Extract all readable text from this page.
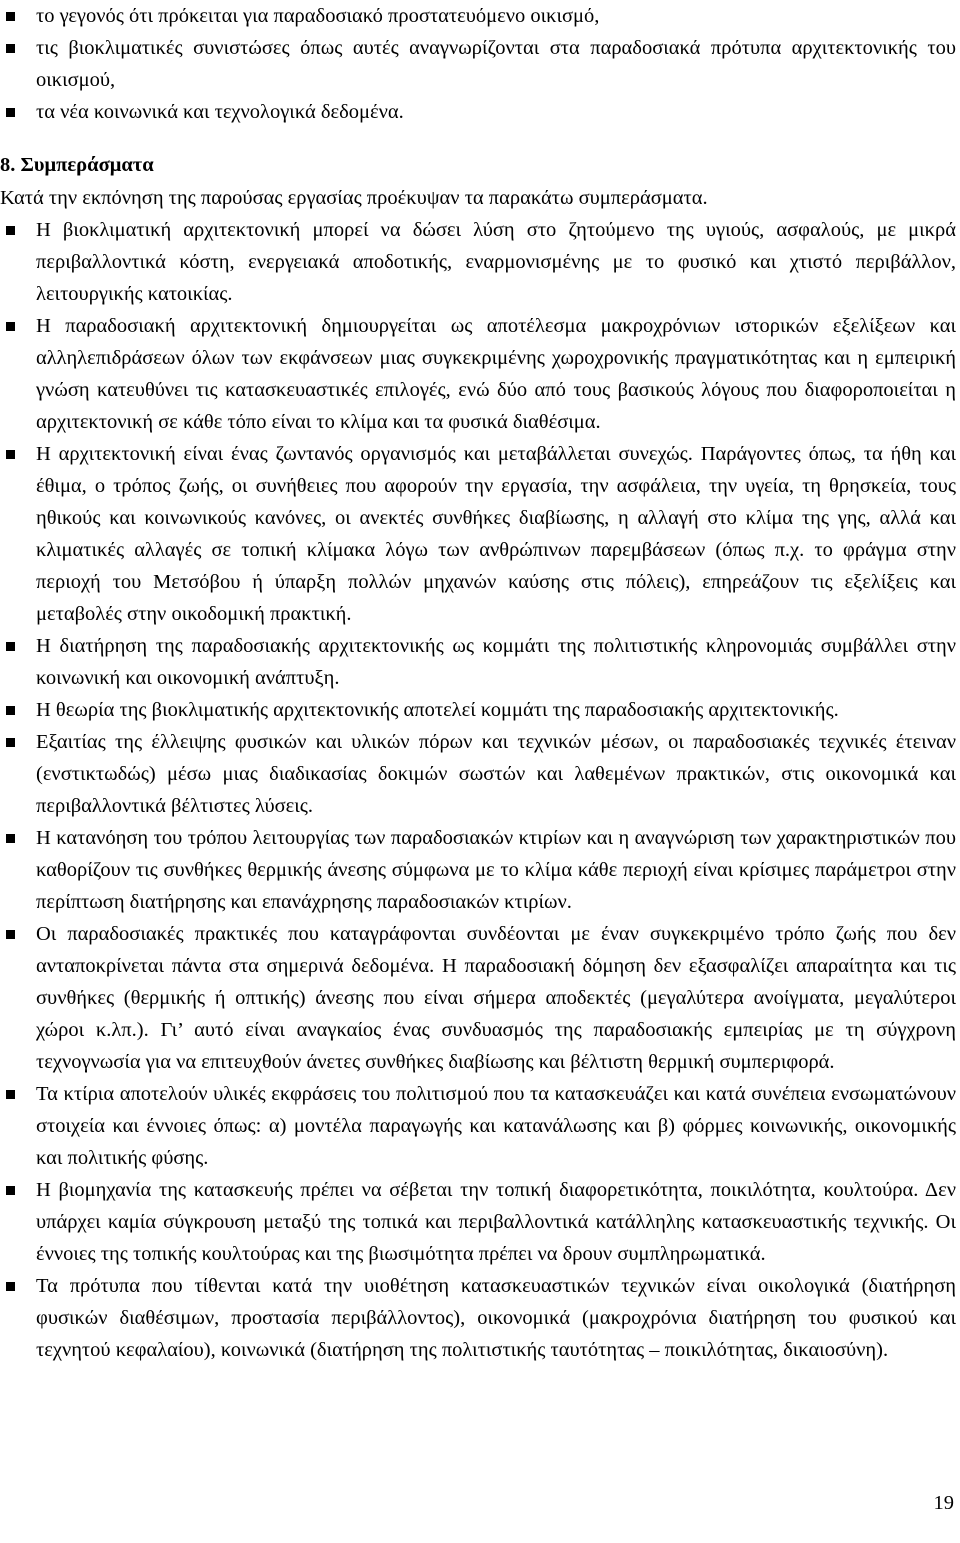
το γεγονός ότι πρόκειται για παραδοσιακό προστατευόμενο οικισμό,
τις βιοκλιματικές συνιστώσες όπως αυτές αναγνωρίζονται στα παραδοσιακά πρότυπα αρχιτεκτονικής του οικισμού,
τα νέα κοινωνικά και τεχνολογικά δεδομένα.
8. Συμπεράσματα
Κατά την εκπόνηση της παρούσας εργασίας προέκυψαν τα παρακάτω συμπεράσματα.
Η βιοκλιματική αρχιτεκτονική μπορεί να δώσει λύση στο ζητούμενο της υγιούς, ασφαλούς, με μικρά περιβαλλοντικά κόστη, ενεργειακά αποδοτικής, εναρμονισμένης με το φυσικό και χτιστό περιβάλλον, λειτουργικής κατοικίας.
Η παραδοσιακή αρχιτεκτονική δημιουργείται ως αποτέλεσμα μακροχρόνιων ιστορικών εξελίξεων και αλληλεπιδράσεων όλων των εκφάνσεων μιας συγκεκριμένης χωροχρονικής πραγματικότητας και η εμπειρική γνώση κατευθύνει τις κατασκευαστικές επιλογές, ενώ δύο από τους βασικούς λόγους που διαφοροποιείται η αρχιτεκτονική σε κάθε τόπο είναι το κλίμα και τα φυσικά διαθέσιμα.
Η αρχιτεκτονική είναι ένας ζωντανός οργανισμός και μεταβάλλεται συνεχώς. Παράγοντες όπως, τα ήθη και έθιμα, ο τρόπος ζωής, οι συνήθειες που αφορούν την εργασία, την ασφάλεια, την υγεία, τη θρησκεία, τους ηθικούς και κοινωνικούς κανόνες, οι ανεκτές συνθήκες διαβίωσης, η αλλαγή στο κλίμα της γης, αλλά και κλιματικές αλλαγές σε τοπική κλίμακα λόγω των ανθρώπινων παρεμβάσεων (όπως π.χ. το φράγμα στην περιοχή του Μετσόβου ή ύπαρξη πολλών μηχανών καύσης στις πόλεις), επηρεάζουν τις εξελίξεις και μεταβολές στην οικοδομική πρακτική.
Η διατήρηση της παραδοσιακής αρχιτεκτονικής ως κομμάτι της πολιτιστικής κληρονομιάς συμβάλλει στην κοινωνική και οικονομική ανάπτυξη.
Η θεωρία της βιοκλιματικής αρχιτεκτονικής αποτελεί κομμάτι της παραδοσιακής αρχιτεκτονικής.
Εξαιτίας της έλλειψης φυσικών και υλικών πόρων και τεχνικών μέσων, οι παραδοσιακές τεχνικές έτειναν (ενστικτωδώς) μέσω μιας διαδικασίας δοκιμών σωστών και λαθεμένων πρακτικών, στις οικονομικά και περιβαλλοντικά βέλτιστες λύσεις.
Η κατανόηση του τρόπου λειτουργίας των παραδοσιακών κτιρίων και η αναγνώριση των χαρακτηριστικών που καθορίζουν τις συνθήκες θερμικής άνεσης σύμφωνα με το κλίμα κάθε περιοχή είναι κρίσιμες παράμετροι στην περίπτωση διατήρησης και επανάχρησης παραδοσιακών κτιρίων.
Οι παραδοσιακές πρακτικές που καταγράφονται συνδέονται με έναν συγκεκριμένο τρόπο ζωής που δεν ανταποκρίνεται πάντα στα σημερινά δεδομένα. Η παραδοσιακή δόμηση δεν εξασφαλίζει απαραίτητα και τις συνθήκες (θερμικής ή οπτικής) άνεσης που είναι σήμερα αποδεκτές (μεγαλύτερα ανοίγματα, μεγαλύτεροι χώροι κ.λπ.). Γι’ αυτό είναι αναγκαίος ένας συνδυασμός της παραδοσιακής εμπειρίας με τη σύγχρονη τεχνογνωσία για να επιτευχθούν άνετες συνθήκες διαβίωσης και βέλτιστη θερμική συμπεριφορά.
Τα κτίρια αποτελούν υλικές εκφράσεις του πολιτισμού που τα κατασκευάζει και κατά συνέπεια ενσωματώνουν στοιχεία και έννοιες όπως: α) μοντέλα παραγωγής και κατανάλωσης και β) φόρμες κοινωνικής, οικονομικής και πολιτικής φύσης.
Η βιομηχανία της κατασκευής πρέπει να σέβεται την τοπική διαφορετικότητα, ποικιλότητα, κουλτούρα. Δεν υπάρχει καμία σύγκρουση μεταξύ της τοπικά και περιβαλλοντικά κατάλληλης κατασκευαστικής τεχνικής. Οι έννοιες της τοπικής κουλτούρας και της βιωσιμότητα πρέπει να δρουν συμπληρωματικά.
Τα πρότυπα που τίθενται κατά την υιοθέτηση κατασκευαστικών τεχνικών είναι οικολογικά (διατήρηση φυσικών διαθέσιμων, προστασία περιβάλλοντος), οικονομικά (μακροχρόνια διατήρηση του φυσικού και τεχνητού κεφαλαίου), κοινωνικά (διατήρηση της πολιτιστικής ταυτότητας – ποικιλότητας, δικαιοσύνη).
19
